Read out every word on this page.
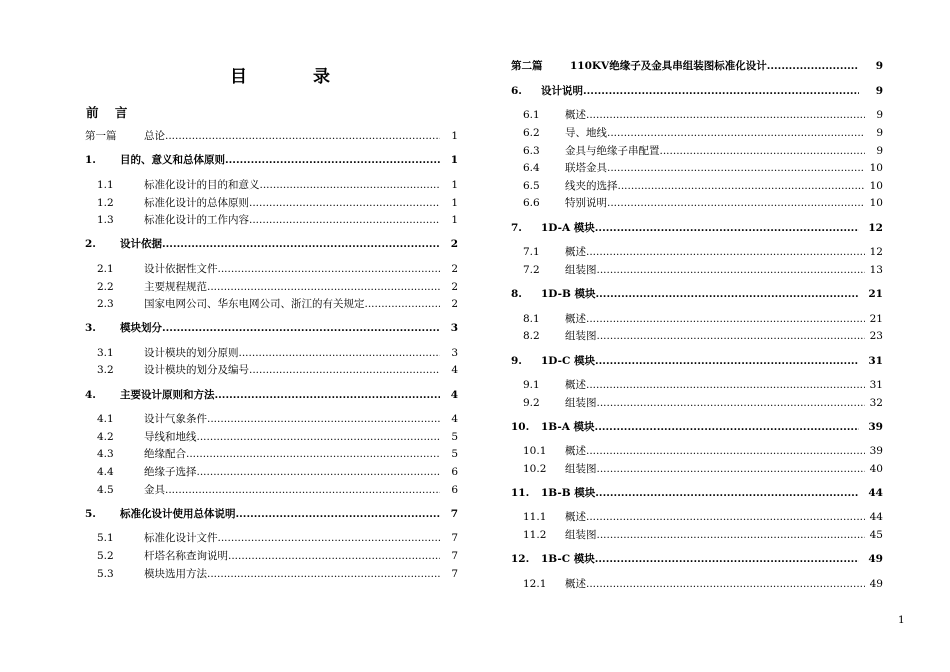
目	录
前 言
第一篇	总论 .....	1
1. 目的、意义和总体原则 .....	1
1.1	标准化设计的目的和意义 .....	1
1.2	标准化设计的总体原则 .....	1
1.3	标准化设计的工作内容 .....	1
2. 设计依据 .....	2
2.1	设计依据性文件 .....	2
2.2	主要规程规范 .....	2
2.3	国家电网公司、华东电网公司、浙江的有关规定 .....	2
3. 模块划分 .....	3
3.1	设计模块的划分原则 .....	3
3.2	设计模块的划分及编号 .....	4
4. 主要设计原则和方法 .....	4
4.1	设计气象条件 .....	4
4.2	导线和地线 .....	5
4.3	绝缘配合 .....	5
4.4	绝缘子选择 .....	6
4.5	金具 .....	6
5. 标准化设计使用总体说明 .....	7
5.1	标准化设计文件 .....	7
5.2	杆塔名称查询说明 .....	7
5.3	模块选用方法 .....	7
第二篇	110KV绝缘子及金具串组装图标准化设计 .....	9
6. 设计说明 .....	9
6.1 概述 .....	9
6.2 导、地线 .....	9
6.3 金具与绝缘子串配置 .....	9
6.4 联塔金具 .....	10
6.5 线夹的选择 .....	10
6.6 特别说明 .....	10
7. 1D-A 模块 .....	12
7.1 概述 .....	12
7.2 组装图 .....	13
8. 1D-B 模块 .....	21
8.1 概述 .....	21
8.2 组装图 .....	23
9. 1D-C 模块 .....	31
9.1 概述 .....	31
9.2 组装图 .....	32
10. 1B-A 模块 .....	39
10.1 概述 .....	39
10.2 组装图 .....	40
11. 1B-B 模块 .....	44
11.1 概述 .....	44
11.2 组装图 .....	45
12. 1B-C 模块 .....	49
12.1 概述 .....	49
1
